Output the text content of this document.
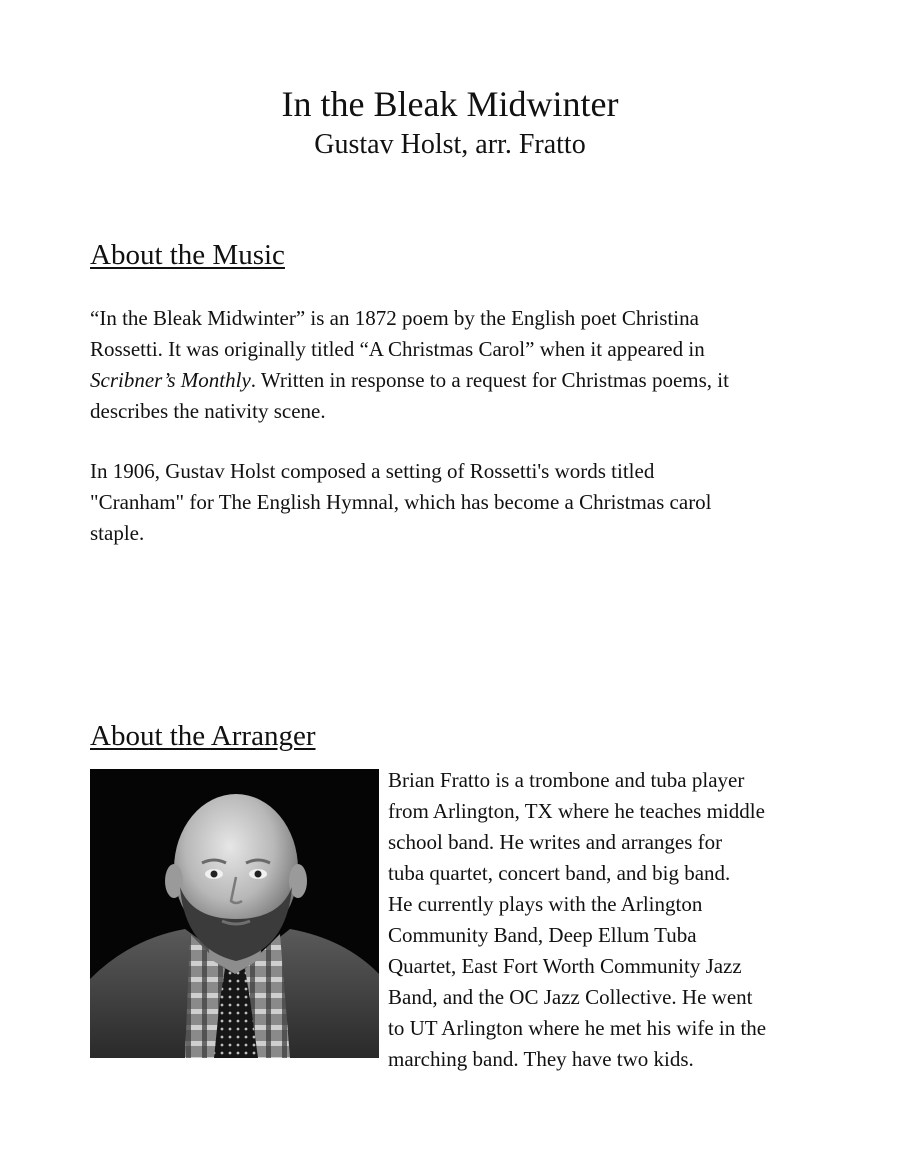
In the Bleak Midwinter
Gustav Holst, arr. Fratto
About the Music
“In the Bleak Midwinter” is an 1872 poem by the English poet Christina
Rossetti. It was originally titled “A Christmas Carol” when it appeared in
Scribner’s Monthly. Written in response to a request for Christmas poems, it
describes the nativity scene.
In 1906, Gustav Holst composed a setting of Rossetti's words titled
"Cranham" for The English Hymnal, which has become a Christmas carol
staple.
About the Arranger
Brian Fratto is a trombone and tuba player
from Arlington, TX where he teaches middle
school band. He writes and arranges for
tuba quartet, concert band, and big band.
He currently plays with the Arlington
Community Band, Deep Ellum Tuba
Quartet, East Fort Worth Community Jazz
Band, and the OC Jazz Collective. He went
to UT Arlington where he met his wife in the
marching band. They have two kids.
